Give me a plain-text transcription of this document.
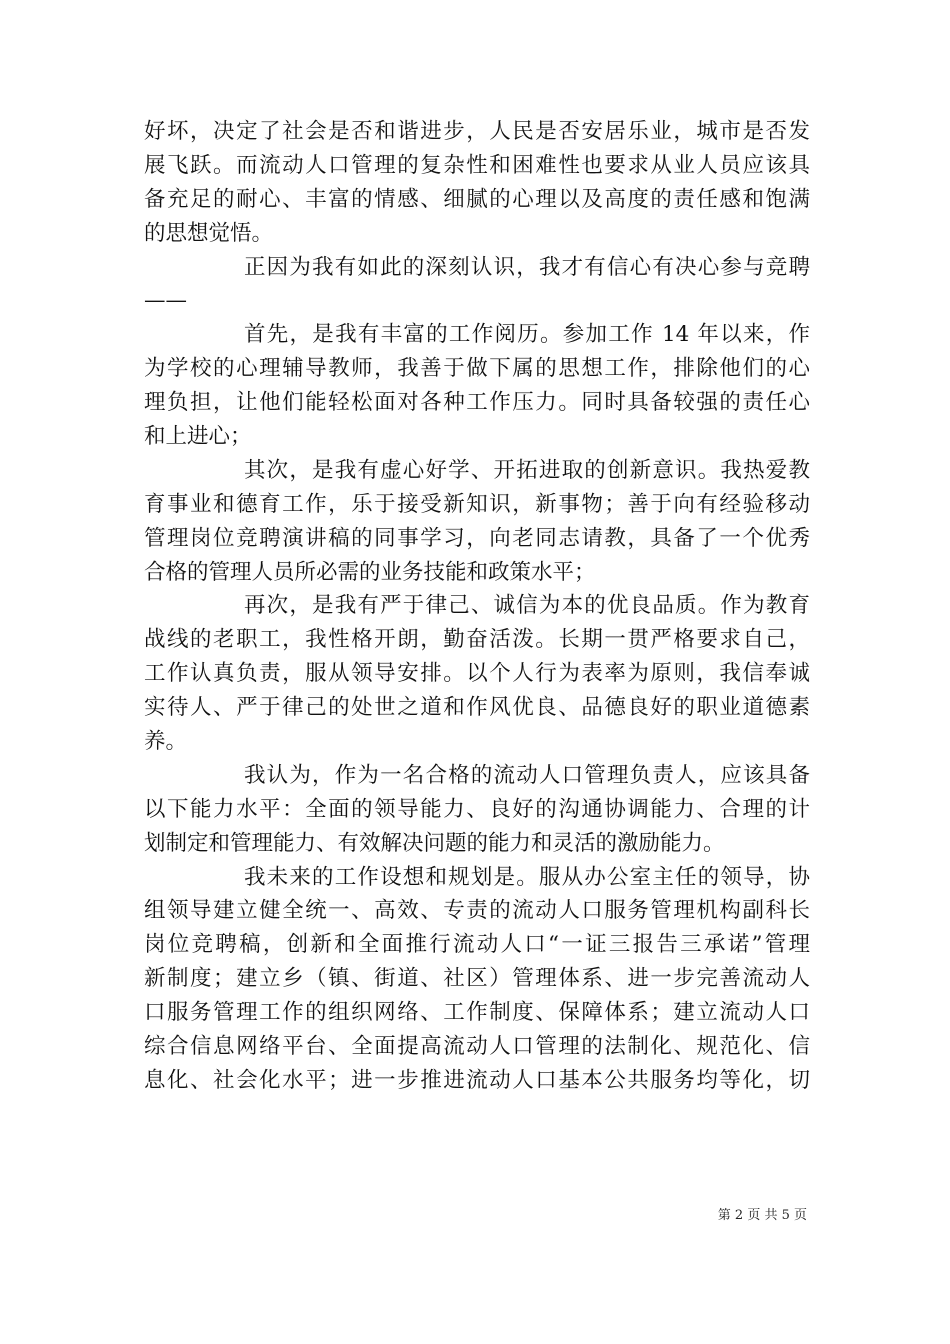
好坏，决定了社会是否和谐进步，人民是否安居乐业，城市是否发
展飞跃。而流动人口管理的复杂性和困难性也要求从业人员应该具
备充足的耐心、丰富的情感、细腻的心理以及高度的责任感和饱满
的思想觉悟。
正因为我有如此的深刻认识，我才有信心有决心参与竞聘
——
首先，是我有丰富的工作阅历。参加工作 14 年以来，作
为学校的心理辅导教师，我善于做下属的思想工作，排除他们的心
理负担，让他们能轻松面对各种工作压力。同时具备较强的责任心
和上进心；
其次，是我有虚心好学、开拓进取的创新意识。我热爱教
育事业和德育工作，乐于接受新知识，新事物；善于向有经验移动
管理岗位竞聘演讲稿的同事学习，向老同志请教，具备了一个优秀
合格的管理人员所必需的业务技能和政策水平；
再次，是我有严于律己、诚信为本的优良品质。作为教育
战线的老职工，我性格开朗，勤奋活泼。长期一贯严格要求自己，
工作认真负责，服从领导安排。以个人行为表率为原则，我信奉诚
实待人、严于律己的处世之道和作风优良、品德良好的职业道德素
养。
我认为，作为一名合格的流动人口管理负责人，应该具备
以下能力水平：全面的领导能力、良好的沟通协调能力、合理的计
划制定和管理能力、有效解决问题的能力和灵活的激励能力。
我未来的工作设想和规划是。服从办公室主任的领导，协
组领导建立健全统一、高效、专责的流动人口服务管理机构副科长
岗位竞聘稿，创新和全面推行流动人口“一证三报告三承诺”管理
新制度；建立乡（镇、街道、社区）管理体系、进一步完善流动人
口服务管理工作的组织网络、工作制度、保障体系；建立流动人口
综合信息网络平台、全面提高流动人口管理的法制化、规范化、信
息化、社会化水平；进一步推进流动人口基本公共服务均等化，切
第 2 页 共 5 页
